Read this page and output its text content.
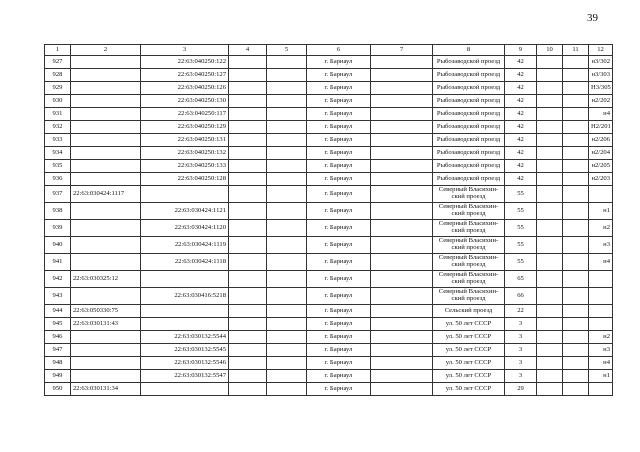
39
1	2	3	4	5	6	7	8	9	10	11	12
927		22:63:040250:122			г. Барнаул		Рыбозаводской проезд	42			н3/302
928		22:63:040250:127			г. Барнаул		Рыбозаводской проезд	42			н3/303
929		22:63:040250:126			г. Барнаул		Рыбозаводской проезд	42			Н3/305
930		22:63:040250:130			г. Барнаул		Рыбозаводской проезд	42			н2/202
931		22:63:040250:117			г. Барнаул		Рыбозаводской проезд	42			н4
932		22:63:040250:129			г. Барнаул		Рыбозаводской проезд	42			Н2/201
933		22:63:040250:131			г. Барнаул		Рыбозаводской проезд	42			н2/206
934		22:63:040250:132			г. Барнаул		Рыбозаводской проезд	42			н2/204
935		22:63:040250:133			г. Барнаул		Рыбозаводской проезд	42			н2/205
936		22:63:040250:128			г. Барнаул		Рыбозаводской проезд	42			н2/203
937	22:63:030424:1117				г. Барнаул		Северный Власихин-ский проезд	55			
938		22:63:030424:1121			г. Барнаул		Северный Власихин-ский проезд	55			н1
939		22:63:030424:1120			г. Барнаул		Северный Власихин-ский проезд	55			н2
940		22:63:030424:1119			г. Барнаул		Северный Власихин-ский проезд	55			н3
941		22:63:030424:1118			г. Барнаул		Северный Власихин-ский проезд	55			н4
942	22:63:030325:12				г. Барнаул		Северный Власихин-ский проезд	65			
943		22:63:030416:5218			г. Барнаул		Северный Власихин-ский проезд	66			
944	22:63:050330:75				г. Барнаул		Сельский проезд	22			
945	22:63:030131:43				г. Барнаул		ул. 50 лет СССР	3			
946		22:63:030132:5544			г. Барнаул		ул. 50 лет СССР	3			н2
947		22:63:030132:5545			г. Барнаул		ул. 50 лет СССР	3			н3
948		22:63:030132:5546			г. Барнаул		ул. 50 лет СССР	3			н4
949		22:63:030132:5547			г. Барнаул		ул. 50 лет СССР	3			н1
950	22:63:030131:34				г. Барнаул		ул. 50 лет СССР	29			
